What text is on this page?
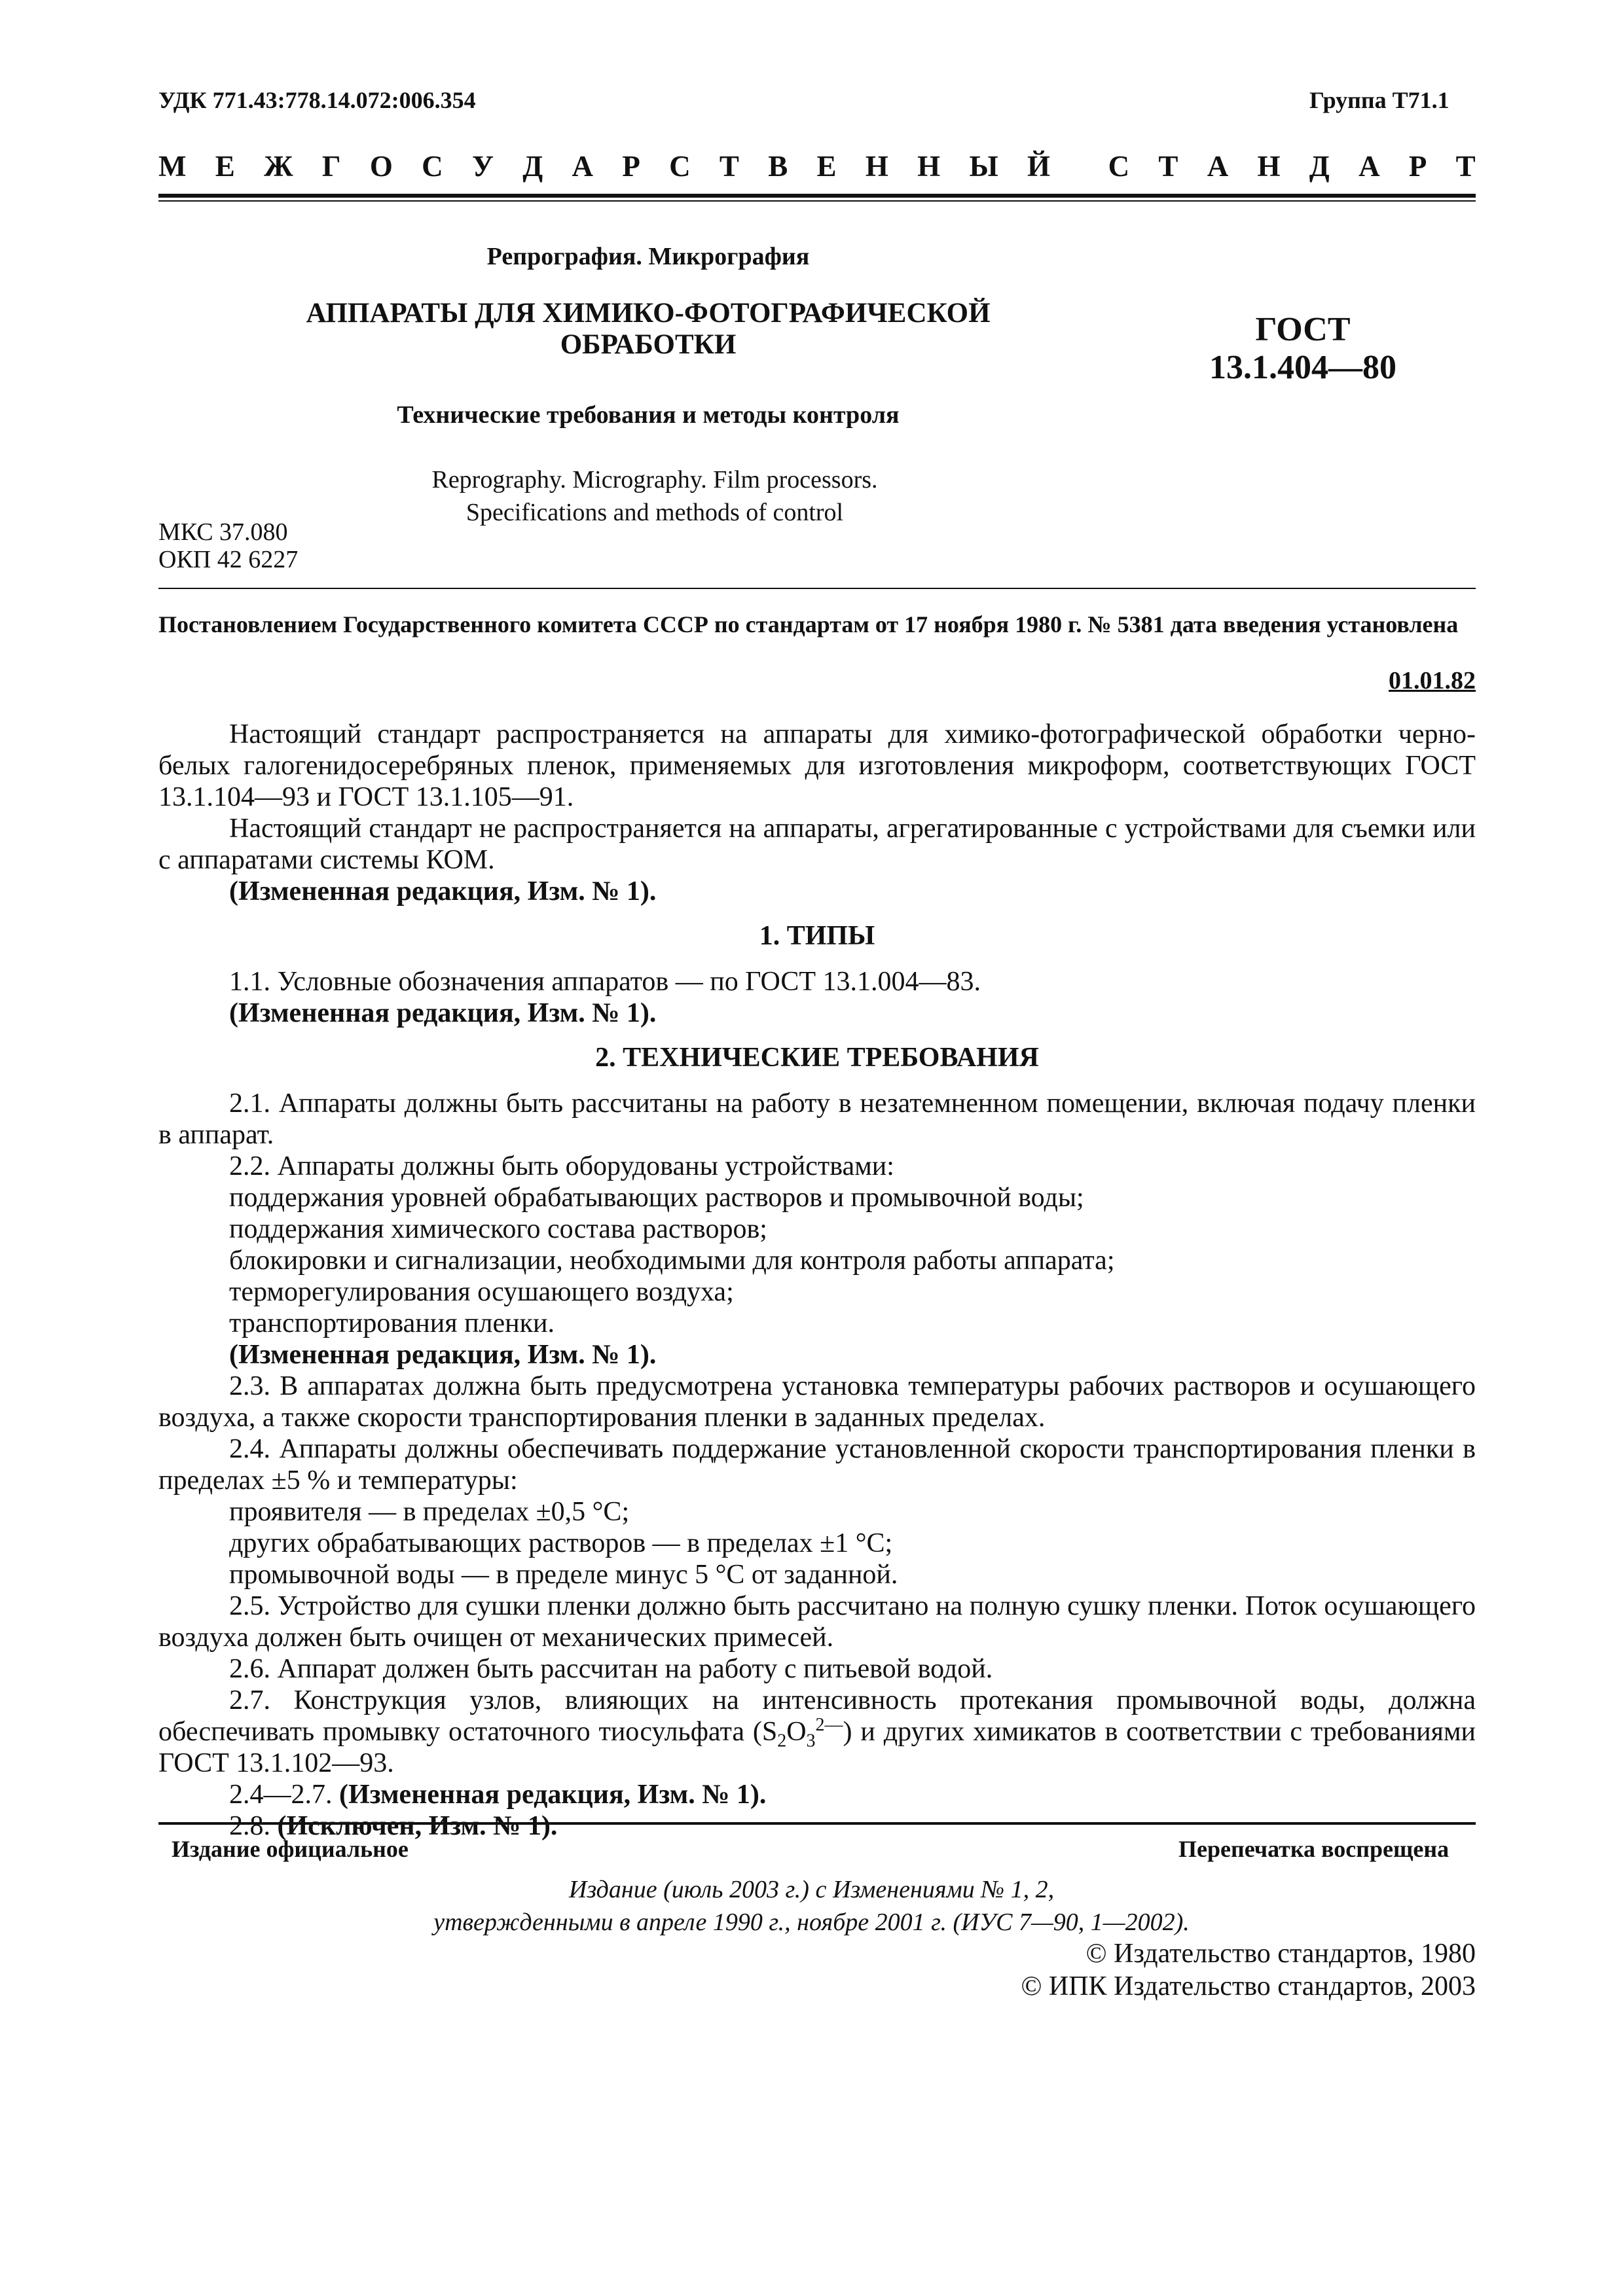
УДК 771.43:778.14.072:006.354	Группа Т71.1
М Е Ж Г О С У Д А Р С Т В Е Н Н Ы Й С Т А Н Д А Р Т
Репрография. Микрография
АППАРАТЫ ДЛЯ ХИМИКО-ФОТОГРАФИЧЕСКОЙ
ОБРАБОТКИ	ГОСТ
13.1.404—80
Технические требования и методы контроля
Reprography. Micrography. Film processors.
Specifications and methods of control
МКС 37.080
ОКП 42 6227
Постановлением Государственного комитета СССР по стандартам от 17 ноября 1980 г. № 5381 дата введения установлена
01.01.82

Настоящий стандарт распространяется на аппараты для химико-фотографической обработки черно-белых галогенидосеребряных пленок, применяемых для изготовления микроформ, соответствующих ГОСТ 13.1.104—93 и ГОСТ 13.1.105—91.

Настоящий стандарт не распространяется на аппараты, агрегатированные с устройствами для съемки или с аппаратами системы КОМ.

(Измененная редакция, Изм. № 1).

1. ТИПЫ

1.1. Условные обозначения аппаратов — по ГОСТ 13.1.004—83.

(Измененная редакция, Изм. № 1).

2. ТЕХНИЧЕСКИЕ ТРЕБОВАНИЯ

2.1. Аппараты должны быть рассчитаны на работу в незатемненном помещении, включая подачу пленки в аппарат.

2.2. Аппараты должны быть оборудованы устройствами:

поддержания уровней обрабатывающих растворов и промывочной воды;

поддержания химического состава растворов;

блокировки и сигнализации, необходимыми для контроля работы аппарата;

терморегулирования осушающего воздуха;

транспортирования пленки.

(Измененная редакция, Изм. № 1).

2.3. В аппаратах должна быть предусмотрена установка температуры рабочих растворов и осушающего воздуха, а также скорости транспортирования пленки в заданных пределах.

2.4. Аппараты должны обеспечивать поддержание установленной скорости транспортирования пленки в пределах ±5 % и температуры:

проявителя — в пределах ±0,5 °С;

других обрабатывающих растворов — в пределах ±1 °С;

промывочной воды — в пределе минус 5 °С от заданной.

2.5. Устройство для сушки пленки должно быть рассчитано на полную сушку пленки. Поток осушающего воздуха должен быть очищен от механических примесей.

2.6. Аппарат должен быть рассчитан на работу с питьевой водой.

2.7. Конструкция узлов, влияющих на интенсивность протекания промывочной воды, должна обеспечивать промывку остаточного тиосульфата $(S_2O_3^{2—})$ и других химикатов в соответствии с требованиями ГОСТ 13.1.102—93.

2.4—2.7. (Измененная редакция, Изм. № 1).

2.8. (Исключен, Изм. № 1).

Издание официальное	Перепечатка воспрещена
Издание (июль 2003 г.) с Изменениями № 1, 2,
утвержденными в апреле 1990 г., ноябре 2001 г. (ИУС 7—90, 1—2002).
© Издательство стандартов, 1980
© ИПК Издательство стандартов, 2003
